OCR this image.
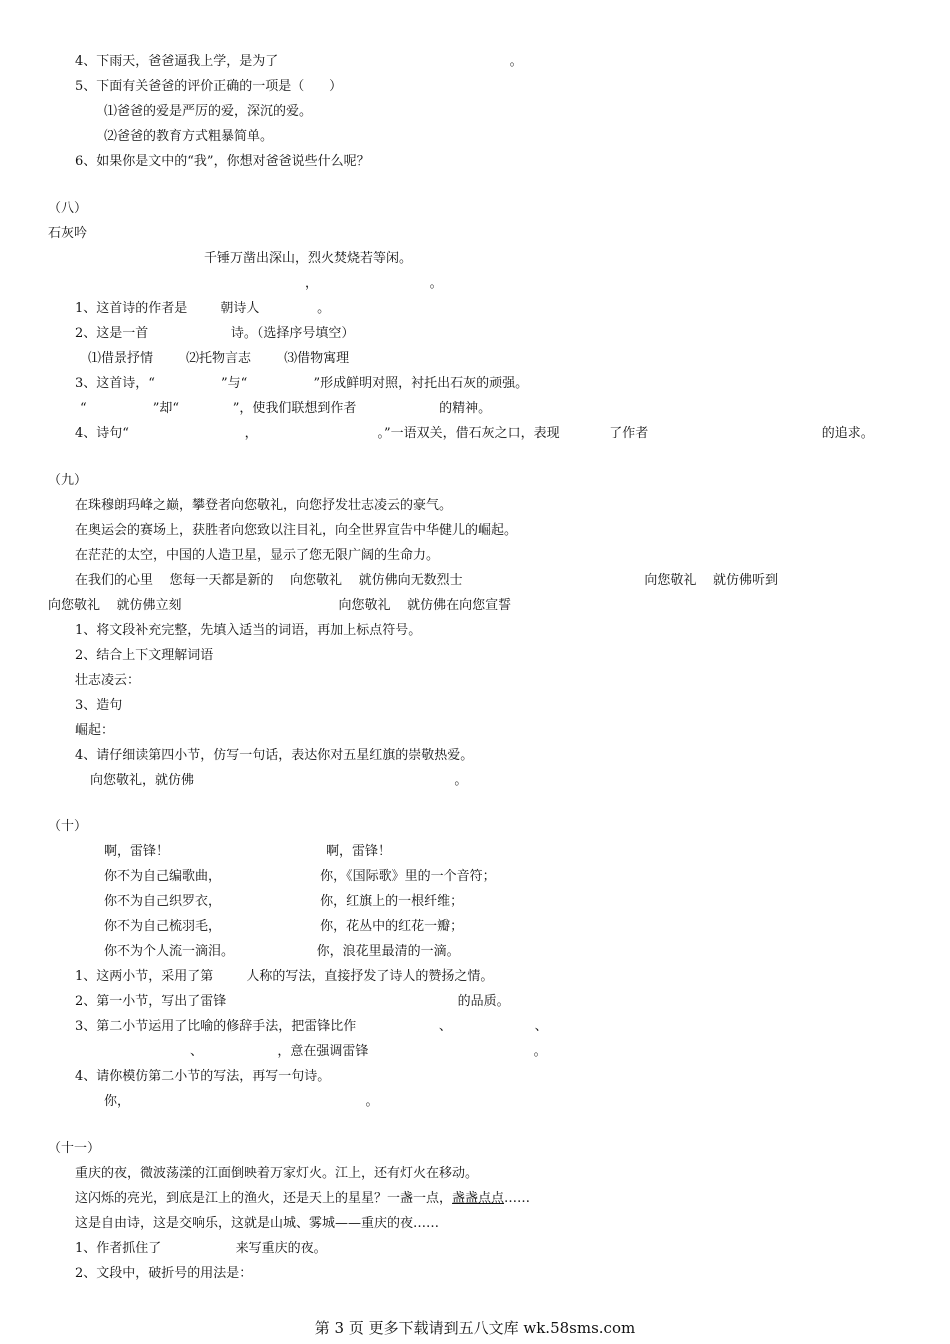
4、下雨天，爸爸逼我上学，是为了                                                        。
5、下面有关爸爸的评价正确的一项是（      ）
⑴爸爸的爱是严厉的爱，深沉的爱。
⑵爸爸的教育方式粗暴简单。
6、如果你是文中的“我”，你想对爸爸说些什么呢？
（八）
石灰吟
千锤万凿出深山，烈火焚烧若等闲。
，                           。
1、这首诗的作者是        朝诗人              。
2、这是一首                    诗。（选择序号填空）
⑴借景抒情        ⑵托物言志        ⑶借物寓理
3、这首诗，“                ”与“                ”形成鲜明对照，衬托出石灰的顽强。
“                ”却“             ”，使我们联想到作者                    的精神。
4、诗句“                            ，                             。”一语双关，借石灰之口，表现            了作者                                          的追求。
（九）
在珠穆朗玛峰之巅，攀登者向您敬礼，向您抒发壮志凌云的豪气。
在奥运会的赛场上，获胜者向您致以注目礼，向全世界宣告中华健儿的崛起。
在茫茫的太空，中国的人造卫星，显示了您无限广阔的生命力。
在我们的心里    您每一天都是新的    向您敬礼    就仿佛向无数烈士                                            向您敬礼    就仿佛听到
向您敬礼    就仿佛立刻                                      向您敬礼    就仿佛在向您宣誓
1、将文段补充完整，先填入适当的词语，再加上标点符号。
2、结合上下文理解词语
壮志凌云：
3、造句
崛起：
4、请仔细读第四小节，仿写一句话，表达你对五星红旗的崇敬热爱。
向您敬礼，就仿佛                                                               。
（十）
啊，雷锋！                                      啊，雷锋！
你不为自己编歌曲，                        你，《国际歌》里的一个音符；
你不为自己织罗衣，                        你，红旗上的一根纤维；
你不为自己梳羽毛，                        你，花丛中的红花一瓣；
你不为个人流一滴泪。                    你，浪花里最清的一滴。
1、这两小节，采用了第        人称的写法，直接抒发了诗人的赞扬之情。
2、第一小节，写出了雷锋                                                        的品质。
3、第二小节运用了比喻的修辞手法，把雷锋比作                    、                    、
、                  ，意在强调雷锋                                        。
4、请你模仿第二小节的写法，再写一句诗。
你，                                                         。
（十一）
重庆的夜，微波荡漾的江面倒映着万家灯火。江上，还有灯火在移动。
这闪烁的亮光，到底是江上的渔火，还是天上的星星？一盏一点，盏盏点点……
这是自由诗，这是交响乐，这就是山城、雾城——重庆的夜……
1、作者抓住了                  来写重庆的夜。
2、文段中，破折号的用法是：
第 3 页 更多下载请到五八文库 wk.58sms.com
